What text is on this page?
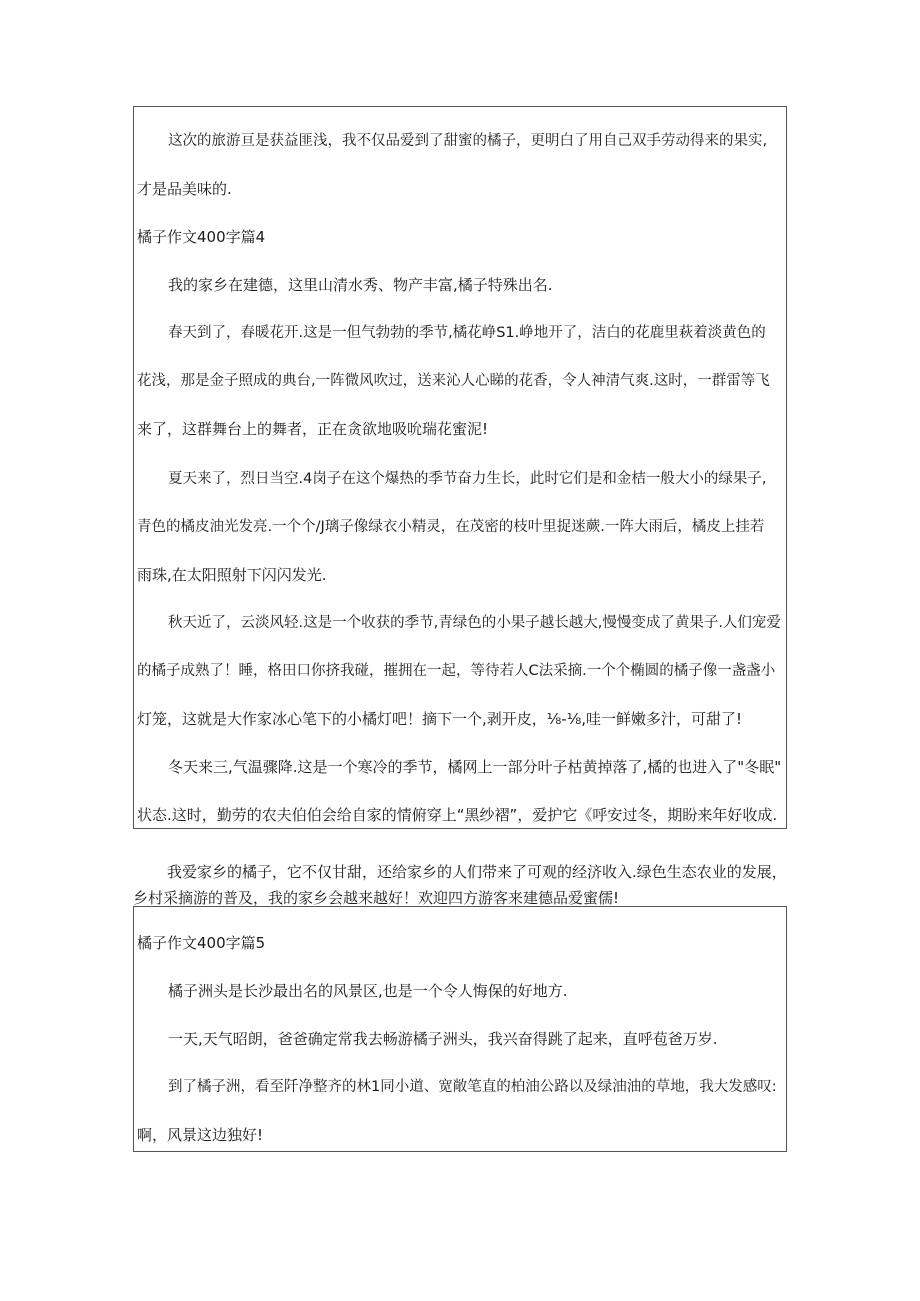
这次的旅游亘是获益匪浅，我不仅品爱到了甜蜜的橘子，更明白了用自己双手劳动得来的果实,
才是品美味的.
橘子作文400字篇4
我的家乡在建德，这里山清水秀、物产丰富,橘子特殊出名.
春天到了，春暖花开.这是一但气勃勃的季节,橘花峥S1.峥地开了，洁白的花鹿里萩着淡黄色的
花浅，那是金子照成的典台,一阵微风吹过，送来沁人心睇的花香，令人神清气爽.这时，一群雷等飞
来了，这群舞台上的舞者，正在贪欲地吸吮瑞花蜜泥!
夏天来了，烈日当空.4岗子在这个爆热的季节奋力生长，此时它们是和金桔一般大小的绿果子,
青色的橘皮油光发亮.一个个/J璃子像绿衣小精灵，在茂密的枝叶里捉迷蕨.一阵大雨后，橘皮上挂若
雨珠,在太阳照射下闪闪发光.
秋天近了，云淡风轻.这是一个收获的季节,青绿色的小果子越长越大,慢慢变成了黄果子.人们宠爱
的橘子成熟了！睡，格田口你挤我碰，摧拥在一起，等待若人C法采摘.一个个椭圆的橘子像一盏盏小
灯笼，这就是大作家冰心笔下的小橘灯吧！摘下一个,剥开皮，⅛-⅛,哇一鲜嫩多汁，可甜了!
冬天来三,气温骤降.这是一个寒冷的季节，橘网上一部分叶子枯黄掉落了,橘的也进入了"冬眠"
状态.这时，勤劳的农夫伯伯会给自家的情俯穿上“黑纱褶”，爱护它《呼安过冬，期盼来年好收成.
我爱家乡的橘子，它不仅甘甜，还给家乡的人们带来了可观的经济收入.绿色生态农业的发展，
乡村采摘游的普及，我的家乡会越来越好！欢迎四方游客来建德品爱蜜儒!
橘子作文400字篇5
橘子洲头是长沙最出名的风景区,也是一个令人悔保的好地方.
一天,天气昭朗，爸爸确定常我去畅游橘子洲头，我兴奋得跳了起来，直呼苞爸万岁.
到了橘子洲，看至阡净整齐的林1同小道、宽敞笔直的柏油公路以及绿油油的草地，我大发感叹:
啊，风景这边独好!
